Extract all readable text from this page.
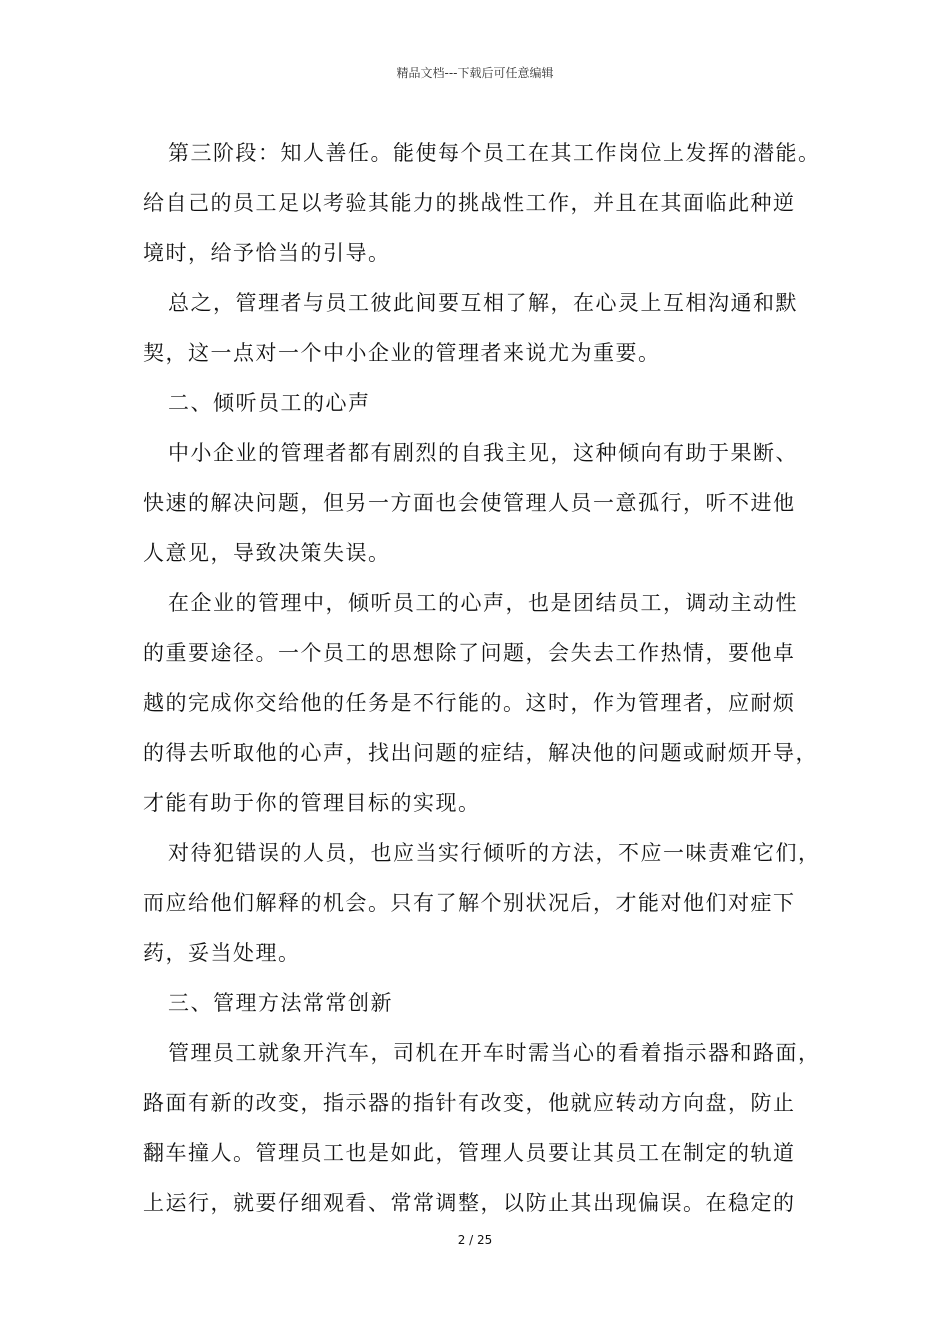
精品文档---下载后可任意编辑

第三阶段：知人善任。能使每个员工在其工作岗位上发挥的潜能。

给自己的员工足以考验其能力的挑战性工作，并且在其面临此种逆

境时，给予恰当的引导。

总之，管理者与员工彼此间要互相了解，在心灵上互相沟通和默

契，这一点对一个中小企业的管理者来说尤为重要。

二、倾听员工的心声

中小企业的管理者都有剧烈的自我主见，这种倾向有助于果断、

快速的解决问题，但另一方面也会使管理人员一意孤行，听不进他

人意见，导致决策失误。

在企业的管理中，倾听员工的心声，也是团结员工，调动主动性

的重要途径。一个员工的思想除了问题，会失去工作热情，要他卓

越的完成你交给他的任务是不行能的。这时，作为管理者，应耐烦

的得去听取他的心声，找出问题的症结，解决他的问题或耐烦开导，

才能有助于你的管理目标的实现。

对待犯错误的人员，也应当实行倾听的方法，不应一味责难它们，

而应给他们解释的机会。只有了解个别状况后，才能对他们对症下

药，妥当处理。

三、管理方法常常创新

管理员工就象开汽车，司机在开车时需当心的看着指示器和路面，

路面有新的改变，指示器的指针有改变，他就应转动方向盘，防止

翻车撞人。管理员工也是如此，管理人员要让其员工在制定的轨道

上运行，就要仔细观看、常常调整，以防止其出现偏误。在稳定的

2 / 25
